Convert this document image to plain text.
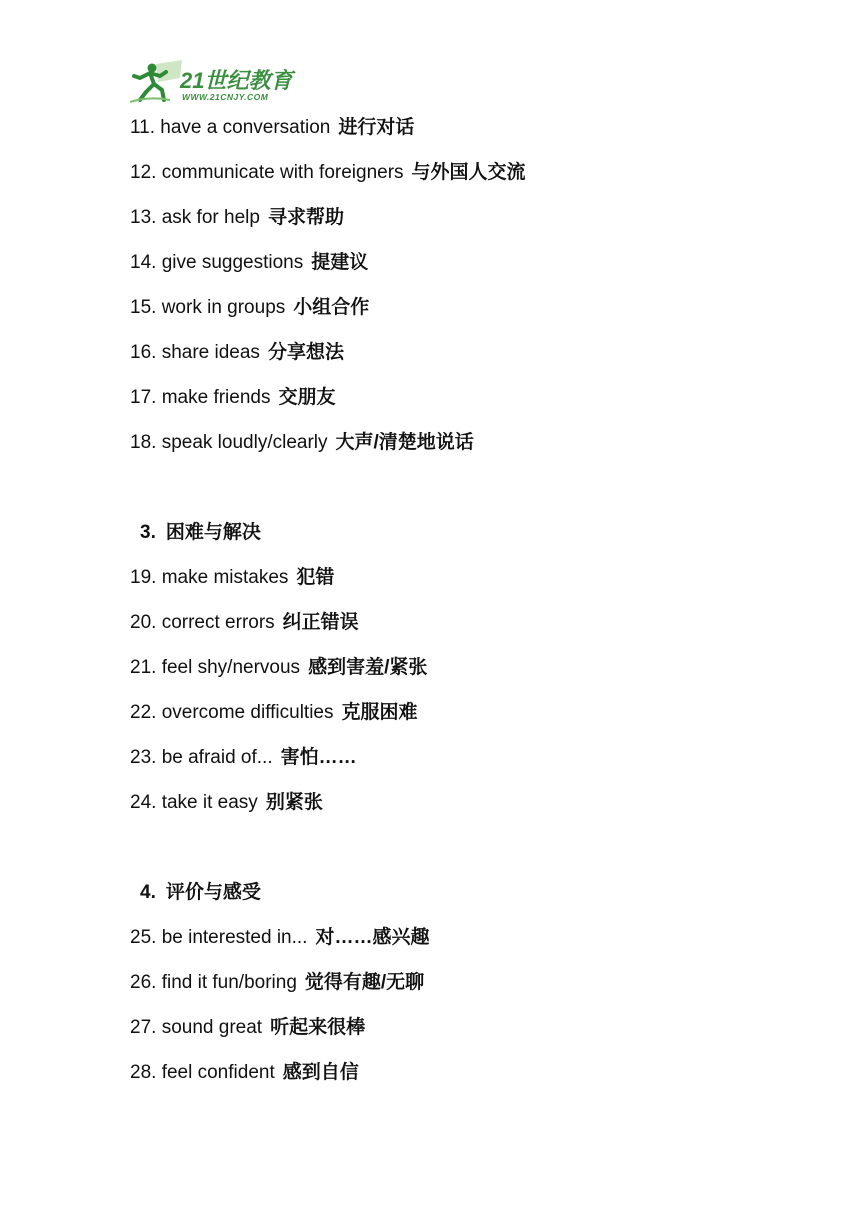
21世纪教育
WWW.21CNJY.COM
11. have a conversation 进行对话
12. communicate with foreigners 与外国人交流
13. ask for help 寻求帮助
14. give suggestions 提建议
15. work in groups 小组合作
16. share ideas 分享想法
17. make friends 交朋友
18. speak loudly/clearly 大声/清楚地说话
3. 困难与解决
19. make mistakes 犯错
20. correct errors 纠正错误
21. feel shy/nervous 感到害羞/紧张
22. overcome difficulties 克服困难
23. be afraid of... 害怕……
24. take it easy 别紧张
4. 评价与感受
25. be interested in... 对……感兴趣
26. find it fun/boring 觉得有趣/无聊
27. sound great 听起来很棒
28. feel confident 感到自信
